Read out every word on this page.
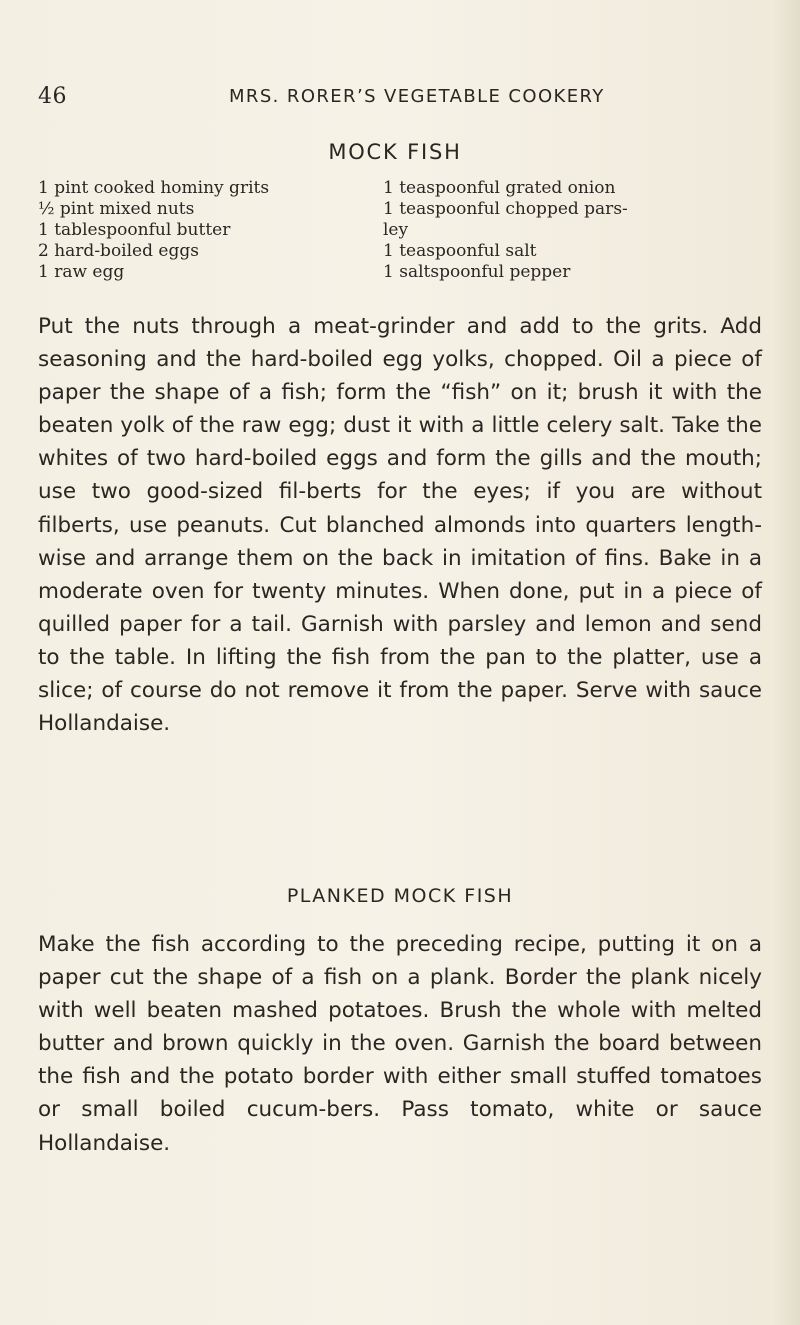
46	MRS. RORER’S VEGETABLE COOKERY
MOCK FISH
1 pint cooked hominy grits
½ pint mixed nuts
1 tablespoonful butter
2 hard-boiled eggs
1 raw egg
1 teaspoonful grated onion
1 teaspoonful chopped pars-
ley
1 teaspoonful salt
1 saltspoonful pepper

Put the nuts through a meat-grinder and add to the grits. Add seasoning and the hard-boiled egg yolks, chopped. Oil a piece of paper the shape of a fish; form the “fish” on it; brush it with the beaten yolk of the raw egg; dust it with a little celery salt. Take the whites of two hard-boiled eggs and form the gills and the mouth; use two good-sized fil-berts for the eyes; if you are without filberts, use peanuts. Cut blanched almonds into quarters length-wise and arrange them on the back in imitation of fins. Bake in a moderate oven for twenty minutes. When done, put in a piece of quilled paper for a tail. Garnish with parsley and lemon and send to the table. In lifting the fish from the pan to the platter, use a slice; of course do not remove it from the paper. Serve with sauce Hollandaise.

PLANKED MOCK FISH

Make the fish according to the preceding recipe, putting it on a paper cut the shape of a fish on a plank. Border the plank nicely with well beaten mashed potatoes. Brush the whole with melted butter and brown quickly in the oven. Garnish the board between the fish and the potato border with either small stuffed tomatoes or small boiled cucum-bers. Pass tomato, white or sauce Hollandaise.
